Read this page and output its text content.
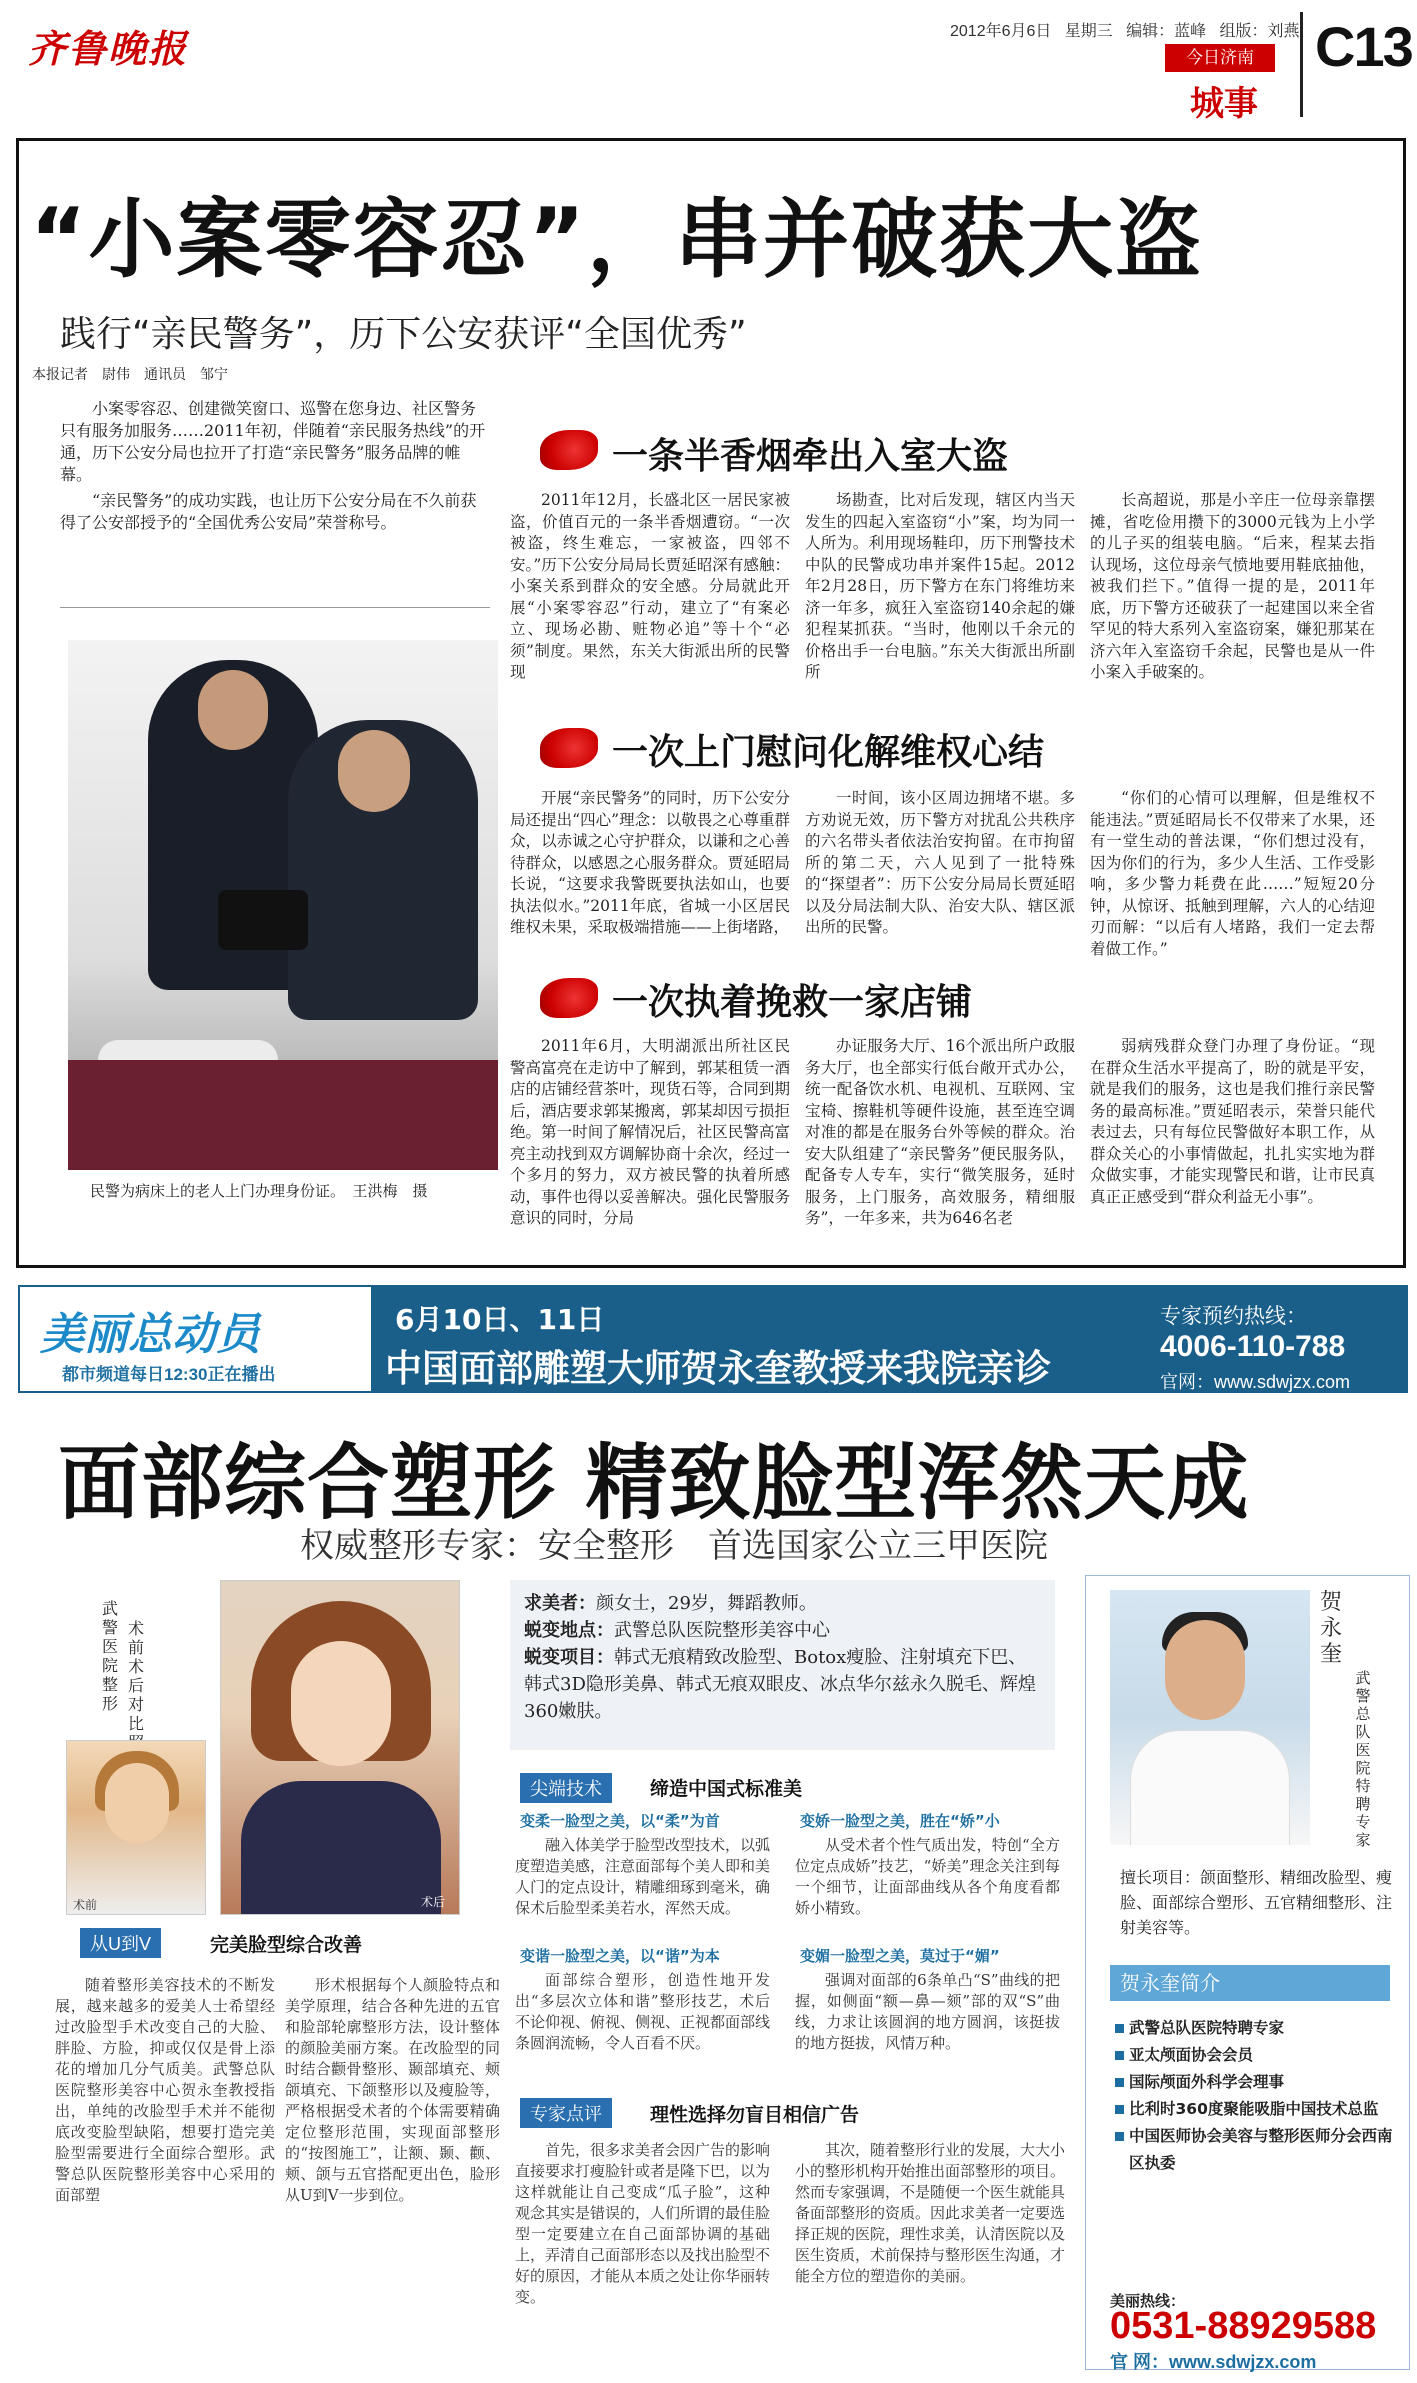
齐鲁晚报	2012年6月6日 星期三 编辑：蓝峰 组版：刘燕
今日济南
城事
C13
“小案零容忍”，串并破获大盗
践行“亲民警务”，历下公安获评“全国优秀”
本报记者　尉伟　通讯员　邹宁

小案零容忍、创建微笑窗口、巡警在您身边、社区警务只有服务加服务……2011年初，伴随着“亲民服务热线”的开通，历下公安分局也拉开了打造“亲民警务”服务品牌的帷幕。

“亲民警务”的成功实践，也让历下公安分局在不久前获得了公安部授予的“全国优秀公安局”荣誉称号。

民警为病床上的老人上门办理身份证。　王洪梅　摄
一条半香烟牵出入室大盗
2011年12月，长盛北区一居民家被盗，价值百元的一条半香烟遭窃。“一次被盗，终生难忘，一家被盗，四邻不安。”历下公安分局局长贾延昭深有感触：小案关系到群众的安全感。分局就此开展“小案零容忍”行动，建立了“有案必立、现场必勘、赃物必追”等十个“必须”制度。果然，东关大街派出所的民警现
场勘查，比对后发现，辖区内当天发生的四起入室盗窃“小”案，均为同一人所为。利用现场鞋印，历下刑警技术中队的民警成功串并案件15起。2012年2月28日，历下警方在东门将维坊来济一年多，疯狂入室盗窃140余起的嫌犯程某抓获。“当时，他刚以千余元的价格出手一台电脑。”东关大街派出所副所
长高超说，那是小辛庄一位母亲靠摆摊，省吃俭用攒下的3000元钱为上小学的儿子买的组装电脑。“后来，程某去指认现场，这位母亲气愤地要用鞋底抽他，被我们拦下。”值得一提的是，2011年底，历下警方还破获了一起建国以来全省罕见的特大系列入室盗窃案，嫌犯那某在济六年入室盗窃千余起，民警也是从一件小案入手破案的。
一次上门慰问化解维权心结
开展“亲民警务”的同时，历下公安分局还提出“四心”理念：以敬畏之心尊重群众，以赤诚之心守护群众，以谦和之心善待群众，以感恩之心服务群众。贾延昭局长说，“这要求我警既要执法如山，也要执法似水。”2011年底，省城一小区居民维权未果，采取极端措施——上街堵路，
一时间，该小区周边拥堵不堪。多方劝说无效，历下警方对扰乱公共秩序的六名带头者依法治安拘留。在市拘留所的第二天，六人见到了一批特殊的“探望者”：历下公安分局局长贾延昭以及分局法制大队、治安大队、辖区派出所的民警。
“你们的心情可以理解，但是维权不能违法。”贾延昭局长不仅带来了水果，还有一堂生动的普法课，“你们想过没有，因为你们的行为，多少人生活、工作受影响，多少警力耗费在此……”短短20分钟，从惊讶、抵触到理解，六人的心结迎刃而解：“以后有人堵路，我们一定去帮着做工作。”
一次执着挽救一家店铺
2011年6月，大明湖派出所社区民警高富亮在走访中了解到，郭某租赁一酒店的店铺经营茶叶，现货石等，合同到期后，酒店要求郭某搬离，郭某却因亏损拒绝。第一时间了解情况后，社区民警高富亮主动找到双方调解协商十余次，经过一个多月的努力，双方被民警的执着所感动，事件也得以妥善解决。强化民警服务意识的同时，分局
办证服务大厅、16个派出所户政服务大厅，也全部实行低台敞开式办公，统一配备饮水机、电视机、互联网、宝宝椅、擦鞋机等硬件设施，甚至连空调对准的都是在服务台外等候的群众。治安大队组建了“亲民警务”便民服务队，配备专人专车，实行“微笑服务，延时服务，上门服务，高效服务，精细服务”，一年多来，共为646名老
弱病残群众登门办理了身份证。“现在群众生活水平提高了，盼的就是平安，就是我们的服务，这也是我们推行亲民警务的最高标准。”贾延昭表示，荣誉只能代表过去，只有每位民警做好本职工作，从群众关心的小事情做起，扎扎实实地为群众做实事，才能实现警民和谐，让市民真真正正感受到“群众利益无小事”。
美丽总动员
都市频道每日12:30正在播出
6月10日、11日
中国面部雕塑大师贺永奎教授来我院亲诊
专家预约热线：
4006-110-788
官网：www.sdwjzx.com
面部综合塑形 精致脸型浑然天成
权威整形专家：安全整形　首选国家公立三甲医院
武警医院整形
术前术后对比
术前	术后
求美者：颜女士，29岁，舞蹈教师。
蜕变地点：武警总队医院整形美容中心
蜕变项目：韩式无痕精致改脸型、Botox瘦脸、注射填充下巴、韩式3D隐形美鼻、韩式无痕双眼皮、冰点华尔兹永久脱毛、辉煌360嫩肤。
尖端技术	缔造中国式标准美
变柔一脸型之美，以“柔”为首
融入体美学于脸型改型技术，以弧度塑造美感，注意面部每个美人即和美人门的定点设计，精雕细琢到毫米，确保术后脸型柔美若水，浑然天成。
变娇一脸型之美，胜在“娇”小
从受术者个性气质出发，特创“全方位定点成娇”技艺，“娇美”理念关注到每一个细节，让面部曲线从各个角度看都娇小精致。
变谐一脸型之美，以“谐”为本
面部综合塑形，创造性地开发出“多层次立体和谐”整形技艺，术后不论仰视、俯视、侧视、正视都面部线条圆润流畅，令人百看不厌。
变媚一脸型之美，莫过于“媚”
强调对面部的6条单凸“S”曲线的把握，如侧面“额—鼻—颏”部的双“S”曲线，力求让该圆润的地方圆润，该挺拔的地方挺拔，风情万种。
从U到V	完美脸型综合改善
随着整形美容技术的不断发展，越来越多的爱美人士希望经过改脸型手术改变自己的大脸、胖脸、方脸，抑或仅仅是骨上添花的增加几分气质美。武警总队医院整形美容中心贺永奎教授指出，单纯的改脸型手术并不能彻底改变脸型缺陷，想要打造完美脸型需要进行全面综合塑形。武警总队医院整形美容中心采用的面部塑
形术根据每个人颜脸特点和美学原理，结合各种先进的五官和脸部轮廓整形方法，设计整体的颜脸美丽方案。在改脸型的同时结合颧骨整形、颞部填充、颊颌填充、下颌整形以及瘦脸等，严格根据受术者的个体需要精确定位整形范围，实现面部整形的“按图施工”，让额、颞、颧、颊、颌与五官搭配更出色，脸形从U到V一步到位。
专家点评	理性选择勿盲目相信广告
首先，很多求美者会因广告的影响直接要求打瘦脸针或者是隆下巴，以为这样就能让自己变成“瓜子脸”，这种观念其实是错误的，人们所谓的最佳脸型一定要建立在自己面部协调的基础上，弄清自己面部形态以及找出脸型不好的原因，才能从本质之处让你华丽转变。
其次，随着整形行业的发展，大大小小的整形机构开始推出面部整形的项目。然而专家强调，不是随便一个医生就能具备面部整形的资质。因此求美者一定要选择正规的医院，理性求美，认清医院以及医生资质，术前保持与整形医生沟通，才能全方位的塑造你的美丽。
贺永奎
武警总队医院特聘专家
擅长项目：颌面整形、精细改脸型、瘦脸、面部综合塑形、五官精细整形、注射美容等。
贺永奎简介
武警总队医院特聘专家
亚太颅面协会会员
国际颅面外科学会理事
比利时360度聚能吸脂中国技术总监
中国医师协会美容与整形医师分会西南区执委
美丽热线：
0531-88929588
官 网：www.sdwjzx.com
